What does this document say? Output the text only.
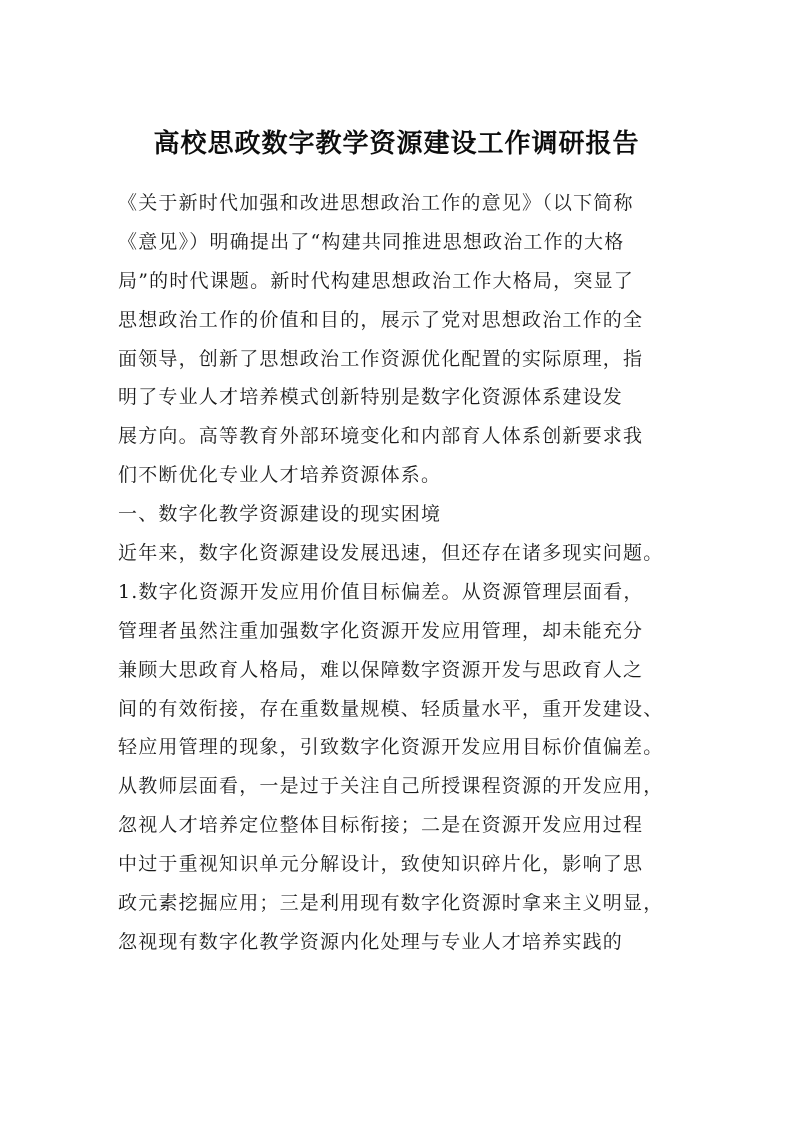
高校思政数字教学资源建设工作调研报告
《关于新时代加强和改进思想政治工作的意见》（以下简称
《意见》）明确提出了“构建共同推进思想政治工作的大格
局”的时代课题。新时代构建思想政治工作大格局，突显了
思想政治工作的价值和目的，展示了党对思想政治工作的全
面领导，创新了思想政治工作资源优化配置的实际原理，指
明了专业人才培养模式创新特别是数字化资源体系建设发
展方向。高等教育外部环境变化和内部育人体系创新要求我
们不断优化专业人才培养资源体系。
一、数字化教学资源建设的现实困境
近年来，数字化资源建设发展迅速，但还存在诸多现实问题。
1.数字化资源开发应用价值目标偏差。从资源管理层面看，
管理者虽然注重加强数字化资源开发应用管理，却未能充分
兼顾大思政育人格局，难以保障数字资源开发与思政育人之
间的有效衔接，存在重数量规模、轻质量水平，重开发建设、
轻应用管理的现象，引致数字化资源开发应用目标价值偏差。
从教师层面看，一是过于关注自己所授课程资源的开发应用，
忽视人才培养定位整体目标衔接；二是在资源开发应用过程
中过于重视知识单元分解设计，致使知识碎片化，影响了思
政元素挖掘应用；三是利用现有数字化资源时拿来主义明显，
忽视现有数字化教学资源内化处理与专业人才培养实践的
